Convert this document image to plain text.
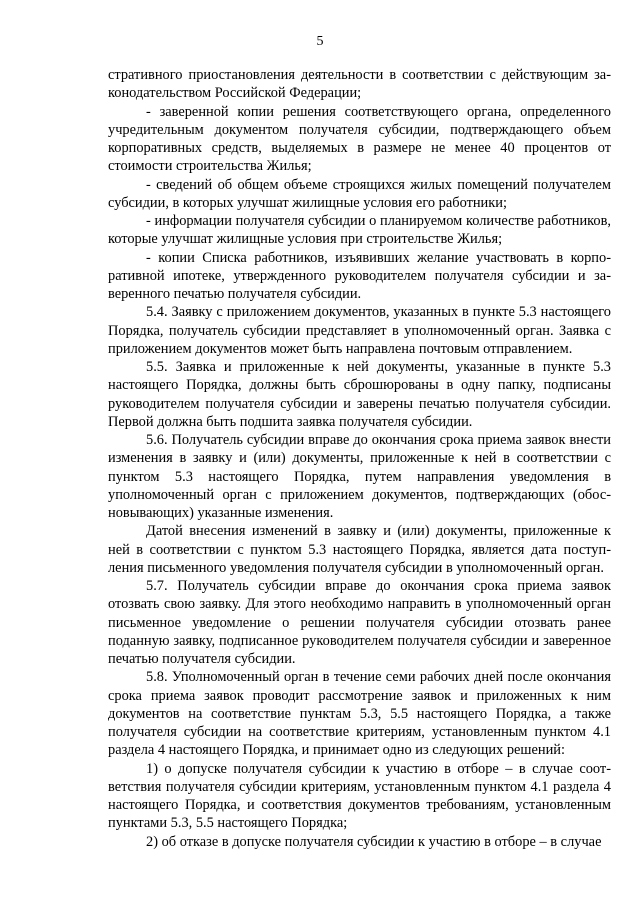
5

стративного приостановления деятельности в соответствии с действующим законодательством Российской Федерации;

- заверенной копии решения соответствующего органа, определенного учредительным документом получателя субсидии, подтверждающего объем корпоративных средств, выделяемых в размере не менее 40 процентов от стоимости строительства Жилья;

- сведений об общем объеме строящихся жилых помещений получателем субсидии, в которых улучшат жилищные условия его работники;

- информации получателя субсидии о планируемом количестве работников, которые улучшат жилищные условия при строительстве Жилья;

- копии Списка работников, изъявивших желание участвовать в корпоративной ипотеке, утвержденного руководителем получателя субсидии и заверенного печатью получателя субсидии.

5.4. Заявку с приложением документов, указанных в пункте 5.3 настоящего Порядка, получатель субсидии представляет в уполномоченный орган. Заявка с приложением документов может быть направлена почтовым отправлением.

5.5. Заявка и приложенные к ней документы, указанные в пункте 5.3 настоящего Порядка, должны быть сброшюрованы в одну папку, подписаны руководителем получателя субсидии и заверены печатью получателя субсидии. Первой должна быть подшита заявка получателя субсидии.

5.6. Получатель субсидии вправе до окончания срока приема заявок внести изменения в заявку и (или) документы, приложенные к ней в соответствии с пунктом 5.3 настоящего Порядка, путем направления уведомления в уполномоченный орган с приложением документов, подтверждающих (обосновывающих) указанные изменения.

Датой внесения изменений в заявку и (или) документы, приложенные к ней в соответствии с пунктом 5.3 настоящего Порядка, является дата поступления письменного уведомления получателя субсидии в уполномоченный орган.

5.7. Получатель субсидии вправе до окончания срока приема заявок отозвать свою заявку. Для этого необходимо направить в уполномоченный орган письменное уведомление о решении получателя субсидии отозвать ранее поданную заявку, подписанное руководителем получателя субсидии и заверенное печатью получателя субсидии.

5.8. Уполномоченный орган в течение семи рабочих дней после окончания срока приема заявок проводит рассмотрение заявок и приложенных к ним документов на соответствие пунктам 5.3, 5.5 настоящего Порядка, а также получателя субсидии на соответствие критериям, установленным пунктом 4.1 раздела 4 настоящего Порядка, и принимает одно из следующих решений:

1) о допуске получателя субсидии к участию в отборе – в случае соответствия получателя субсидии критериям, установленным пунктом 4.1 раздела 4 настоящего Порядка, и соответствия документов требованиям, установленным пунктами 5.3, 5.5 настоящего Порядка;

2) об отказе в допуске получателя субсидии к участию в отборе – в случае
